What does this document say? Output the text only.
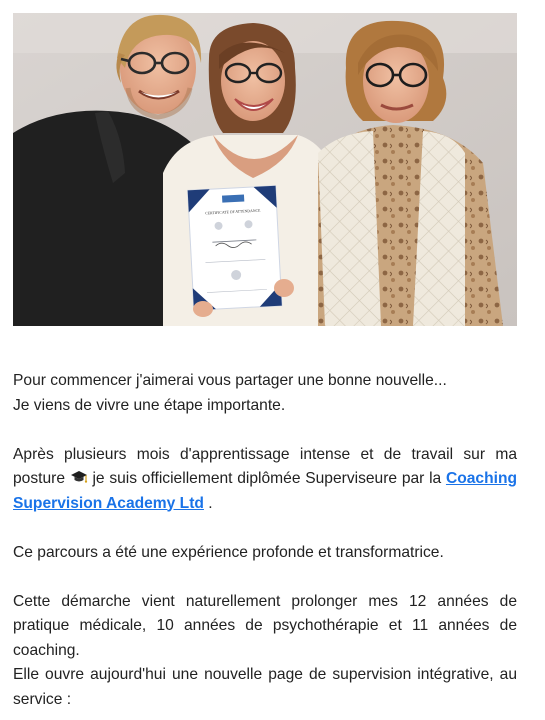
CERTIFICATE OF ATTENDANCE

Pour commencer j'aimerai vous partager une bonne nouvelle...
Je viens de vivre une étape importante.

Après plusieurs mois d'apprentissage intense et de travail sur ma posture  je suis officiellement diplômée Superviseure par la Coaching Supervision Academy Ltd .

Ce parcours a été une expérience profonde et transformatrice.

Cette démarche vient naturellement prolonger mes 12 années de pratique médicale, 10 années de psychothérapie et 11 années de coaching.

Elle ouvre aujourd'hui une nouvelle page de supervision intégrative, au service :
